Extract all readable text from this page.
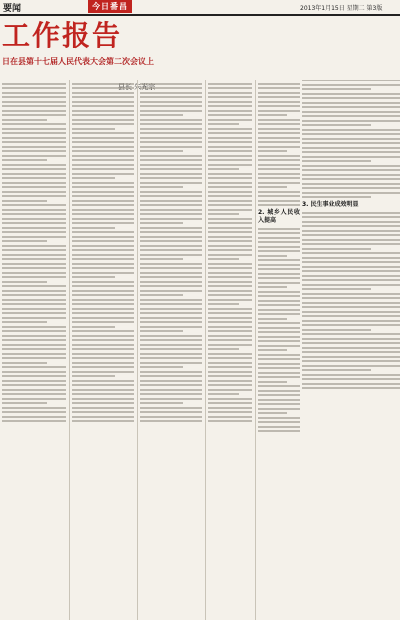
要闻	今日番昌	2013年1月15日 星期二 第3版
工作报告
日在县第十七届人民代表大会第二次会议上
2. 城乡人民收入提高
3. 民生事业成效明显
